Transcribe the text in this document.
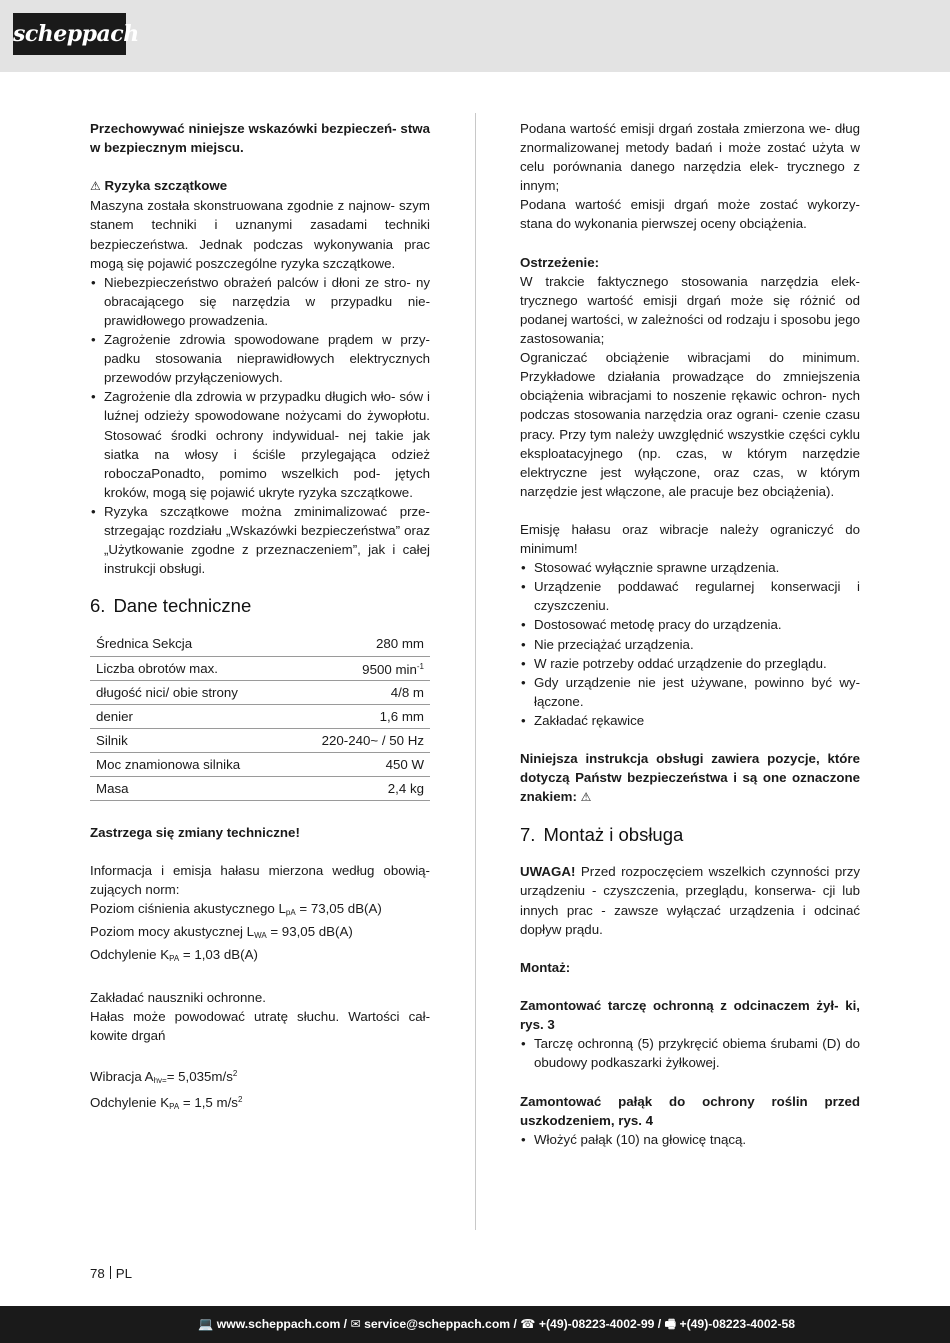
scheppach
Przechowywać niniejsze wskazówki bezpieczeń- stwa w bezpiecznym miejscu.
⚠ Ryzyka szczątkowe
Maszyna została skonstruowana zgodnie z najnow- szym stanem techniki i uznanymi zasadami techniki bezpieczeństwa. Jednak podczas wykonywania prac mogą się pojawić poszczególne ryzyka szczątkowe.
• Niebezpieczeństwo obrażeń palców i dłoni ze stro- ny obracającego się narzędzia w przypadku nie- prawidłowego prowadzenia.
• Zagrożenie zdrowia spowodowane prądem w przy- padku stosowania nieprawidłowych elektrycznych przewodów przyłączeniowych.
• Zagrożenie dla zdrowia w przypadku długich wło- sów i luźnej odzieży spowodowane nożycami do żywopłotu. Stosować środki ochrony indywidual- nej takie jak siatka na włosy i ściśle przylegająca odzież roboczaPonadto, pomimo wszelkich pod- jętych kroków, mogą się pojawić ukryte ryzyka szczątkowe.
• Ryzyka szczątkowe można zminimalizować prze- strzegając rozdziału „Wskazówki bezpieczeństwa” oraz „Użytkowanie zgodne z przeznaczeniem”, jak i całej instrukcji obsługi.
6. Dane techniczne
Średnica Sekcja	280 mm
Liczba obrotów max.	9500 $\min^{-1}$
długość nici/ obie strony	4/8 m
denier	1,6 mm
Silnik	220-240~ / 50 Hz
Moc znamionowa silnika	450 W
Masa	2,4 kg
Zastrzega się zmiany techniczne!
Informacja i emisja hałasu mierzona według obowią- zujących norm:
Poziom ciśnienia akustycznego $L_{pA} = 73,05$ dB(A)
Poziom mocy akustycznej $L_{WA} = 93,05$ dB(A)
Odchylenie $K_{PA} = 1,03$ dB(A)
Zakładać nauszniki ochronne.
Hałas może powodować utratę słuchu. Wartości cał- kowite drgań
Wibracja $A_{hv=}= 5,035m/s^2$
Odchylenie $K_{PA} = 1,5$ $m/s^2$
Podana wartość emisji drgań została zmierzona we- dług znormalizowanej metody badań i może zostać użyta w celu porównania danego narzędzia elek- trycznego z innym;
Podana wartość emisji drgań może zostać wykorzy- stana do wykonania pierwszej oceny obciążenia.
Ostrzeżenie:
W trakcie faktycznego stosowania narzędzia elek- trycznego wartość emisji drgań może się różnić od podanej wartości, w zależności od rodzaju i sposobu jego zastosowania;
Ograniczać obciążenie wibracjami do minimum. Przykładowe działania prowadzące do zmniejszenia obciążenia wibracjami to noszenie rękawic ochron- nych podczas stosowania narzędzia oraz ograni- czenie czasu pracy. Przy tym należy uwzględnić wszystkie części cyklu eksploatacyjnego (np. czas, w którym narzędzie elektryczne jest wyłączone, oraz czas, w którym narzędzie jest włączone, ale pracuje bez obciążenia).
Emisję hałasu oraz wibracje należy ograniczyć do minimum!
• Stosować wyłącznie sprawne urządzenia.
• Urządzenie poddawać regularnej konserwacji i czyszczeniu.
• Dostosować metodę pracy do urządzenia.
• Nie przeciążać urządzenia.
• W razie potrzeby oddać urządzenie do przeglądu.
• Gdy urządzenie nie jest używane, powinno być wy- łączone.
• Zakładać rękawice
Niniejsza instrukcja obsługi zawiera pozycje, które dotyczą Państw bezpieczeństwa i są one oznaczone znakiem: ⚠
7. Montaż i obsługa
UWAGA! Przed rozpoczęciem wszelkich czynności przy urządzeniu - czyszczenia, przeglądu, konserwa- cji lub innych prac - zawsze wyłączać urządzenia i odcinać dopływ prądu.
Montaż:
Zamontować tarczę ochronną z odcinaczem żył- ki, rys. 3
• Tarczę ochronną (5) przykręcić obiema śrubami (D) do obudowy podkaszarki żyłkowej.
Zamontować pałąk do ochrony roślin przed uszkodzeniem, rys. 4
• Włożyć pałąk (10) na głowicę tnącą.
78 PL
💻 www.scheppach.com / ✉ service@scheppach.com / ☎ +(49)-08223-4002-99 / 🖷 +(49)-08223-4002-58
